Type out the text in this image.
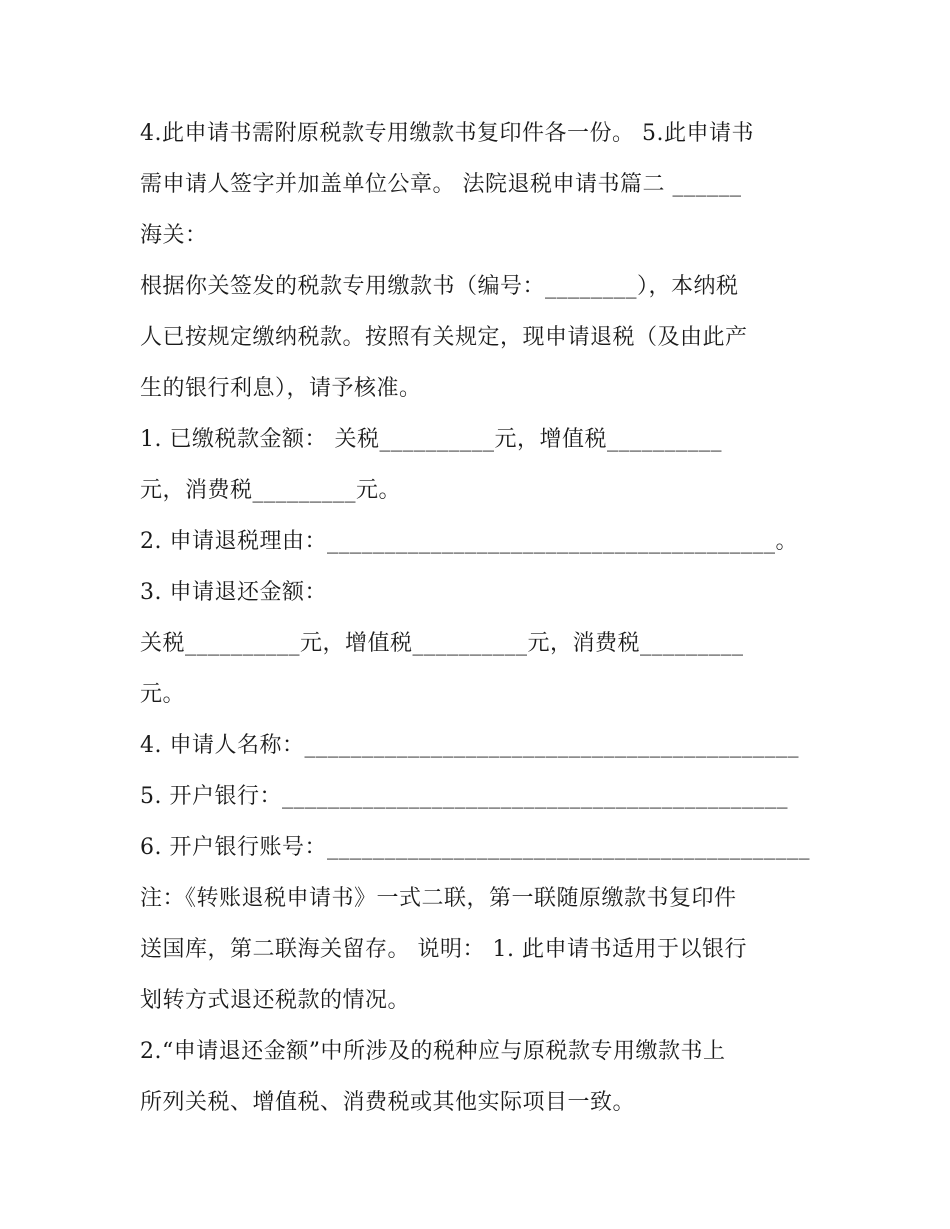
4.此申请书需附原税款专用缴款书复印件各一份。 5.此申请书
需申请人签字并加盖单位公章。 法院退税申请书篇二 ______
海关：
根据你关签发的税款专用缴款书（编号：________），本纳税
人已按规定缴纳税款。按照有关规定，现申请退税（及由此产
生的银行利息），请予核准。
1. 已缴税款金额： 关税__________元，增值税__________
元，消费税_________元。
2. 申请退税理由：_______________________________________。
3. 申请退还金额：
关税__________元，增值税__________元，消费税_________
元。
4. 申请人名称：___________________________________________
5. 开户银行：____________________________________________
6. 开户银行账号：__________________________________________
注：《转账退税申请书》一式二联，第一联随原缴款书复印件
送国库，第二联海关留存。 说明： 1. 此申请书适用于以银行
划转方式退还税款的情况。
2.“申请退还金额”中所涉及的税种应与原税款专用缴款书上
所列关税、增值税、消费税或其他实际项目一致。
